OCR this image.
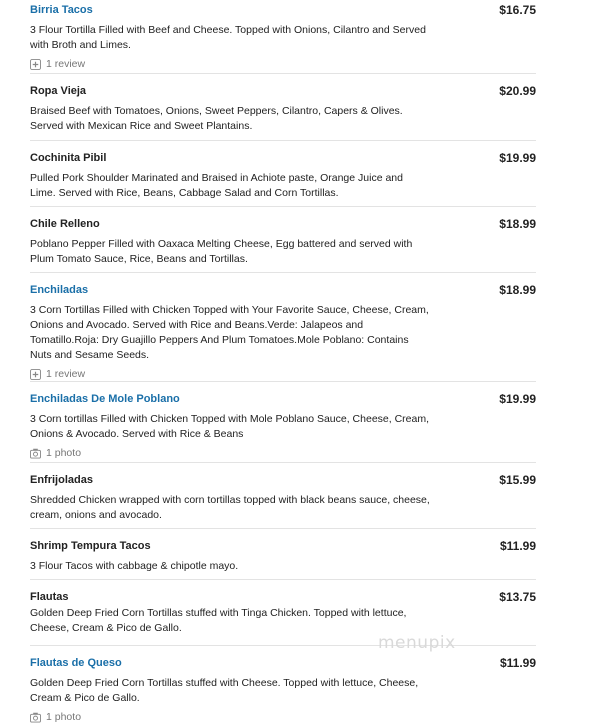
Birria Tacos	$16.75
3 Flour Tortilla Filled with Beef and Cheese. Topped with Onions, Cilantro and Served with Broth and Limes.
1 review
Ropa Vieja	$20.99
Braised Beef with Tomatoes, Onions, Sweet Peppers, Cilantro, Capers & Olives. Served with Mexican Rice and Sweet Plantains.
Cochinita Pibil	$19.99
Pulled Pork Shoulder Marinated and Braised in Achiote paste, Orange Juice and Lime. Served with Rice, Beans, Cabbage Salad and Corn Tortillas.
Chile Relleno	$18.99
Poblano Pepper Filled with Oaxaca Melting Cheese, Egg battered and served with Plum Tomato Sauce, Rice, Beans and Tortillas.
Enchiladas	$18.99
3 Corn Tortillas Filled with Chicken Topped with Your Favorite Sauce, Cheese, Cream, Onions and Avocado. Served with Rice and Beans.Verde: Jalapeos and Tomatillo.Roja: Dry Guajillo Peppers And Plum Tomatoes.Mole Poblano: Contains Nuts and Sesame Seeds.
1 review
Enchiladas De Mole Poblano	$19.99
3 Corn tortillas Filled with Chicken Topped with Mole Poblano Sauce, Cheese, Cream, Onions & Avocado. Served with Rice & Beans
1 photo
Enfrijoladas	$15.99
Shredded Chicken wrapped with corn tortillas topped with black beans sauce, cheese, cream, onions and avocado.
Shrimp Tempura Tacos	$11.99
3 Flour Tacos with cabbage & chipotle mayo.
Flautas	$13.75
Golden Deep Fried Corn Tortillas stuffed with Tinga Chicken. Topped with lettuce, Cheese, Cream & Pico de Gallo.
Flautas de Queso	$11.99
Golden Deep Fried Corn Tortillas stuffed with Cheese. Topped with lettuce, Cheese, Cream & Pico de Gallo.
1 photo
menupix
